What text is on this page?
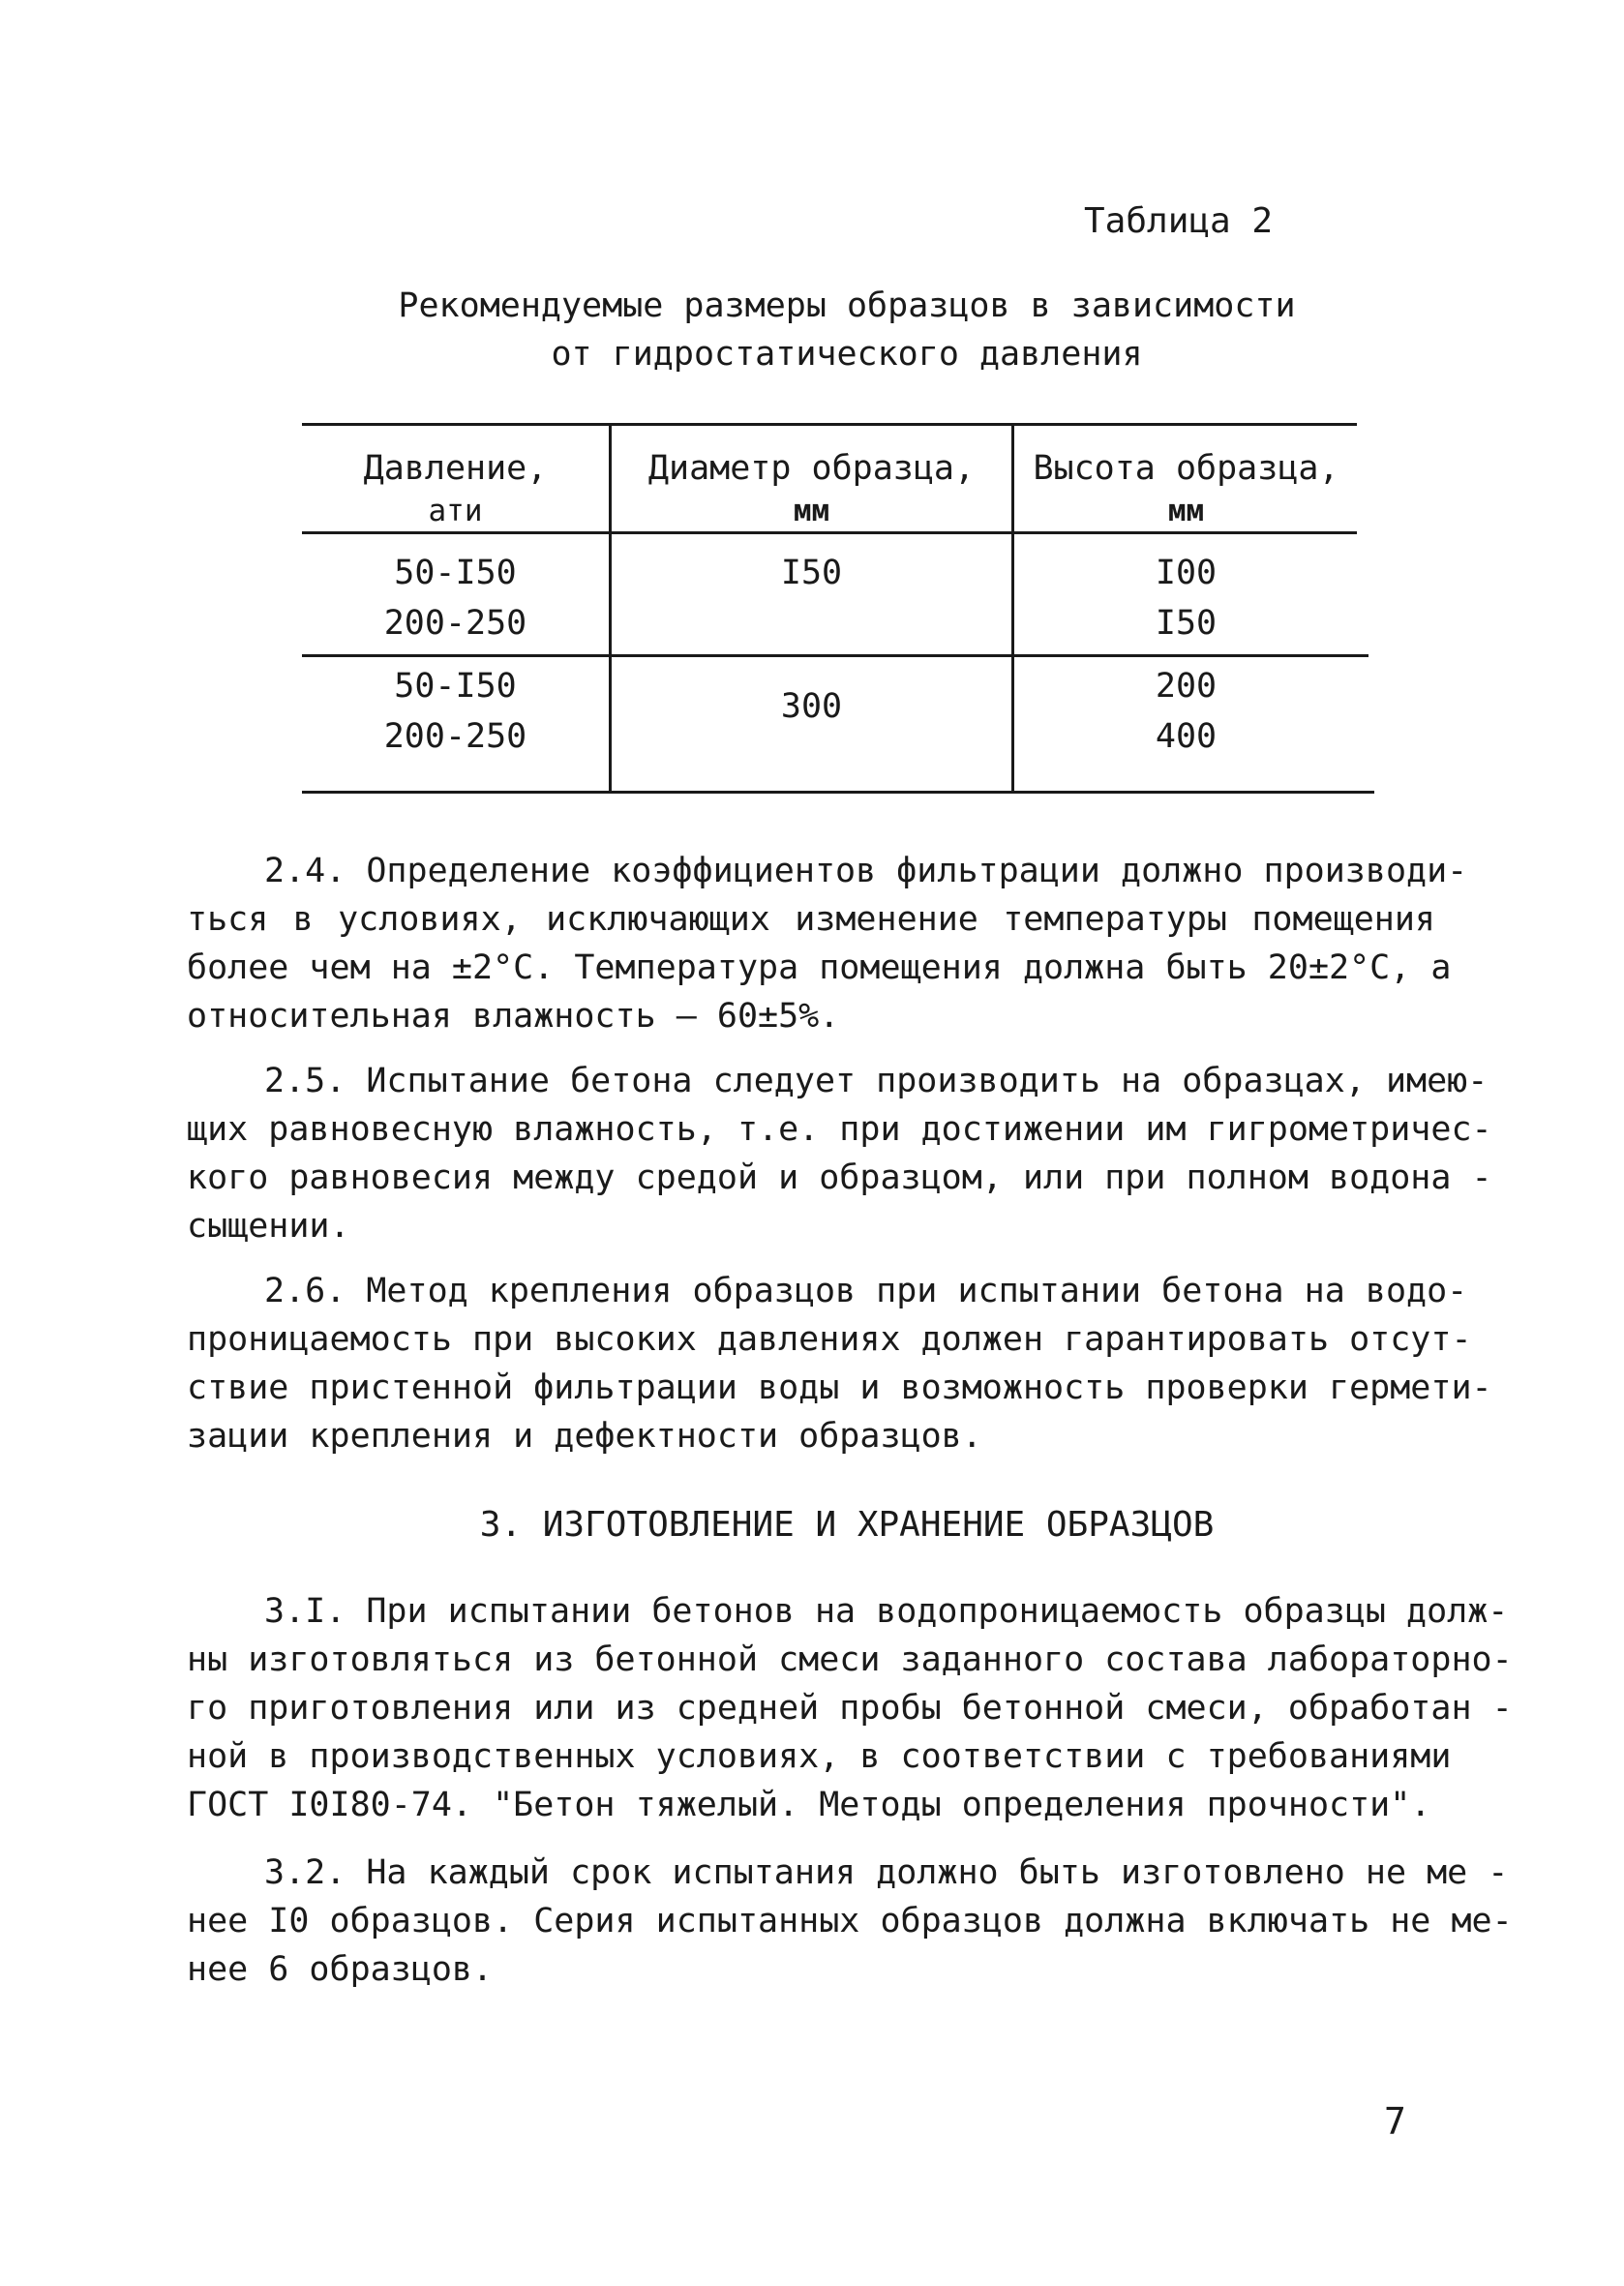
Таблица 2
Рекомендуемые размеры образцов в зависимости
от гидростатического давления
Давление,
ати
Диаметр образца,
мм
Высота образца,
мм
50-I50
200-250
I50	I00
I50
50-I50
200-250
300
200
400
2.4. Определение коэффициентов фильтрации должно производи-
ться в условиях, исключающих изменение температуры помещения
более чем на ±2°С. Температура помещения должна быть 20±2°С, а
относительная влажность – 60±5%.
2.5. Испытание бетона следует производить на образцах, имею-
щих равновесную влажность, т.е. при достижении им гигрометричес-
кого равновесия между средой и образцом, или при полном водона -
сыщении.
2.6. Метод крепления образцов при испытании бетона на водо-
проницаемость при высоких давлениях должен гарантировать отсут-
ствие пристенной фильтрации воды и возможность проверки гермети-
зации крепления и дефектности образцов.
3. ИЗГОТОВЛЕНИЕ И ХРАНЕНИЕ ОБРАЗЦОВ
3.I. При испытании бетонов на водопроницаемость образцы долж-
ны изготовляться из бетонной смеси заданного состава лабораторно-
го приготовления или из средней пробы бетонной смеси, обработан -
ной в производственных условиях, в соответствии с требованиями
ГОСТ I0I80-74. "Бетон тяжелый. Методы определения прочности".
3.2. На каждый срок испытания должно быть изготовлено не ме -
нее I0 образцов. Серия испытанных образцов должна включать не ме-
нее 6 образцов.
7
